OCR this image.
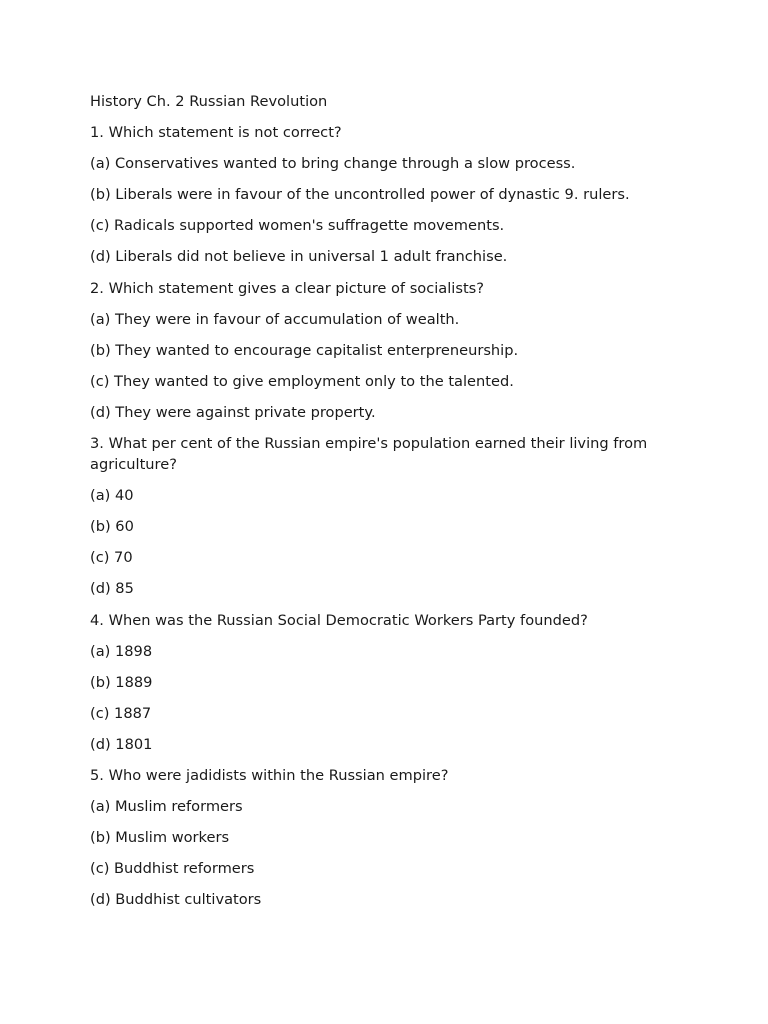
History Ch. 2 Russian Revolution
1. Which statement is not correct?
(a) Conservatives wanted to bring change through a slow process.
(b) Liberals were in favour of the uncontrolled power of dynastic 9. rulers.
(c) Radicals supported women's suffragette movements.
(d) Liberals did not believe in universal 1 adult franchise.
2. Which statement gives a clear picture of socialists?
(a) They were in favour of accumulation of wealth.
(b) They wanted to encourage capitalist enterpreneurship.
(c) They wanted to give employment only to the talented.
(d) They were against private property.
3. What per cent of the Russian empire's population earned their living from agriculture?
(a) 40
(b) 60
(c) 70
(d) 85
4. When was the Russian Social Democratic Workers Party founded?
(a) 1898
(b) 1889
(c) 1887
(d) 1801
5. Who were jadidists within the Russian empire?
(a) Muslim reformers
(b) Muslim workers
(c) Buddhist reformers
(d) Buddhist cultivators
